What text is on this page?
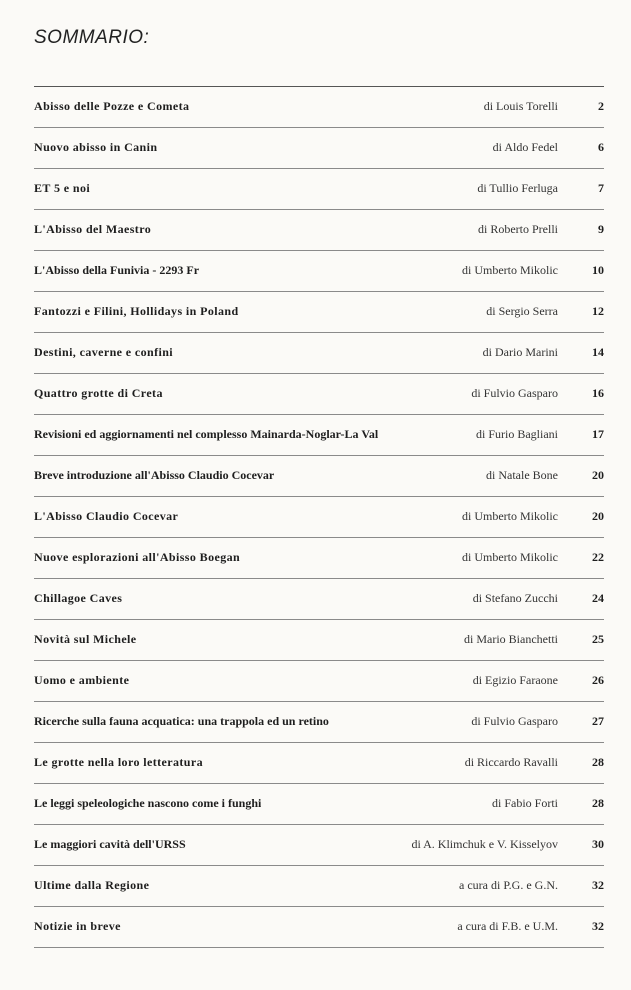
SOMMARIO:
Abisso delle Pozze e Cometa	di Louis Torelli	2
Nuovo abisso in Canin	di Aldo Fedel	6
ET 5 e noi	di Tullio Ferluga	7
L'Abisso del Maestro	di Roberto Prelli	9
L'Abisso della Funivia - 2293 Fr	di Umberto Mikolic	10
Fantozzi e Filini, Hollidays in Poland	di Sergio Serra	12
Destini, caverne e confini	di Dario Marini	14
Quattro grotte di Creta	di Fulvio Gasparo	16
Revisioni ed aggiornamenti nel complesso Mainarda-Noglar-La Val	di Furio Bagliani	17
Breve introduzione all'Abisso Claudio Cocevar	di Natale Bone	20
L'Abisso Claudio Cocevar	di Umberto Mikolic	20
Nuove esplorazioni all'Abisso Boegan	di Umberto Mikolic	22
Chillagoe Caves	di Stefano Zucchi	24
Novità sul Michele	di Mario Bianchetti	25
Uomo e ambiente	di Egizio Faraone	26
Ricerche sulla fauna acquatica: una trappola ed un retino	di Fulvio Gasparo	27
Le grotte nella loro letteratura	di Riccardo Ravalli	28
Le leggi speleologiche nascono come i funghi	di Fabio Forti	28
Le maggiori cavità dell'URSS	di A. Klimchuk e V. Kisselyov	30
Ultime dalla Regione	a cura di P.G. e G.N.	32
Notizie in breve	a cura di F.B. e U.M.	32
